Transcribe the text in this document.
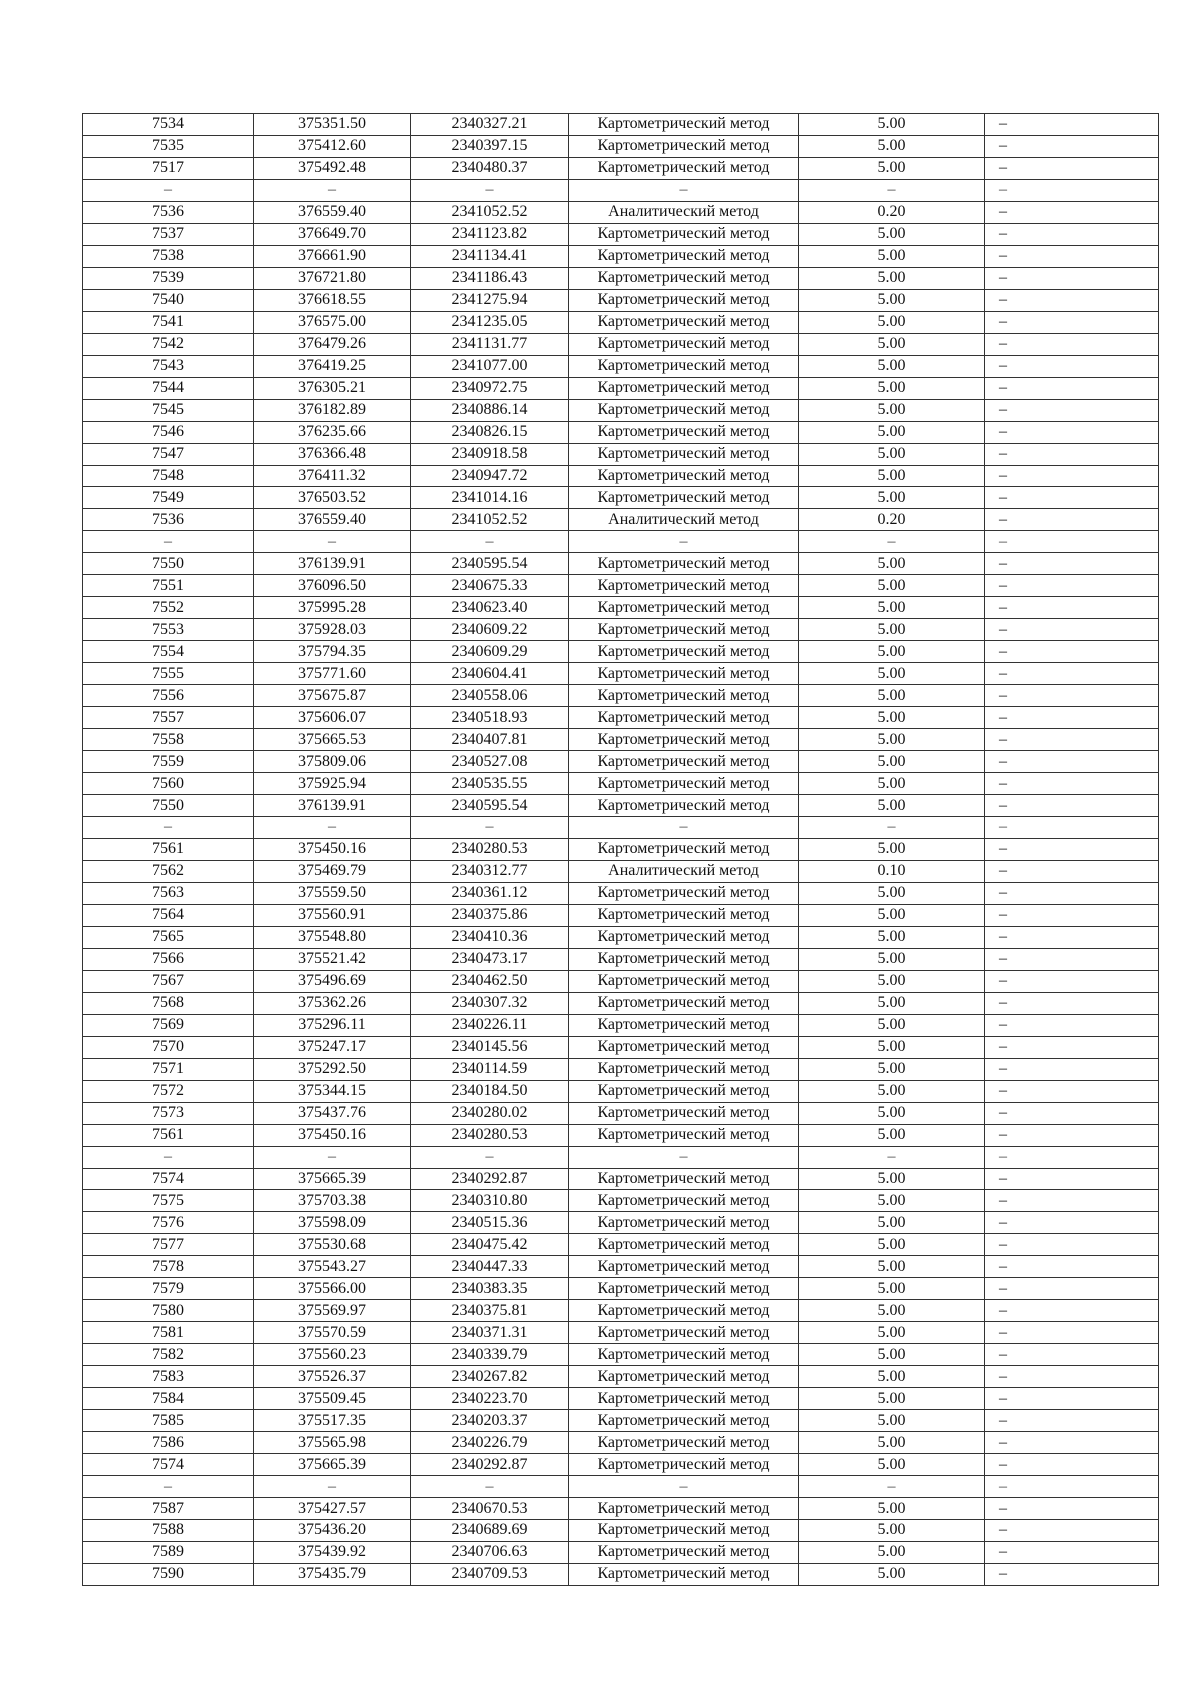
7534	375351.50	2340327.21	Картометрический метод	5.00	–
7535	375412.60	2340397.15	Картометрический метод	5.00	–
7517	375492.48	2340480.37	Картометрический метод	5.00	–
–	–	–	–	–	–
7536	376559.40	2341052.52	Аналитический метод	0.20	–
7537	376649.70	2341123.82	Картометрический метод	5.00	–
7538	376661.90	2341134.41	Картометрический метод	5.00	–
7539	376721.80	2341186.43	Картометрический метод	5.00	–
7540	376618.55	2341275.94	Картометрический метод	5.00	–
7541	376575.00	2341235.05	Картометрический метод	5.00	–
7542	376479.26	2341131.77	Картометрический метод	5.00	–
7543	376419.25	2341077.00	Картометрический метод	5.00	–
7544	376305.21	2340972.75	Картометрический метод	5.00	–
7545	376182.89	2340886.14	Картометрический метод	5.00	–
7546	376235.66	2340826.15	Картометрический метод	5.00	–
7547	376366.48	2340918.58	Картометрический метод	5.00	–
7548	376411.32	2340947.72	Картометрический метод	5.00	–
7549	376503.52	2341014.16	Картометрический метод	5.00	–
7536	376559.40	2341052.52	Аналитический метод	0.20	–
–	–	–	–	–	–
7550	376139.91	2340595.54	Картометрический метод	5.00	–
7551	376096.50	2340675.33	Картометрический метод	5.00	–
7552	375995.28	2340623.40	Картометрический метод	5.00	–
7553	375928.03	2340609.22	Картометрический метод	5.00	–
7554	375794.35	2340609.29	Картометрический метод	5.00	–
7555	375771.60	2340604.41	Картометрический метод	5.00	–
7556	375675.87	2340558.06	Картометрический метод	5.00	–
7557	375606.07	2340518.93	Картометрический метод	5.00	–
7558	375665.53	2340407.81	Картометрический метод	5.00	–
7559	375809.06	2340527.08	Картометрический метод	5.00	–
7560	375925.94	2340535.55	Картометрический метод	5.00	–
7550	376139.91	2340595.54	Картометрический метод	5.00	–
–	–	–	–	–	–
7561	375450.16	2340280.53	Картометрический метод	5.00	–
7562	375469.79	2340312.77	Аналитический метод	0.10	–
7563	375559.50	2340361.12	Картометрический метод	5.00	–
7564	375560.91	2340375.86	Картометрический метод	5.00	–
7565	375548.80	2340410.36	Картометрический метод	5.00	–
7566	375521.42	2340473.17	Картометрический метод	5.00	–
7567	375496.69	2340462.50	Картометрический метод	5.00	–
7568	375362.26	2340307.32	Картометрический метод	5.00	–
7569	375296.11	2340226.11	Картометрический метод	5.00	–
7570	375247.17	2340145.56	Картометрический метод	5.00	–
7571	375292.50	2340114.59	Картометрический метод	5.00	–
7572	375344.15	2340184.50	Картометрический метод	5.00	–
7573	375437.76	2340280.02	Картометрический метод	5.00	–
7561	375450.16	2340280.53	Картометрический метод	5.00	–
–	–	–	–	–	–
7574	375665.39	2340292.87	Картометрический метод	5.00	–
7575	375703.38	2340310.80	Картометрический метод	5.00	–
7576	375598.09	2340515.36	Картометрический метод	5.00	–
7577	375530.68	2340475.42	Картометрический метод	5.00	–
7578	375543.27	2340447.33	Картометрический метод	5.00	–
7579	375566.00	2340383.35	Картометрический метод	5.00	–
7580	375569.97	2340375.81	Картометрический метод	5.00	–
7581	375570.59	2340371.31	Картометрический метод	5.00	–
7582	375560.23	2340339.79	Картометрический метод	5.00	–
7583	375526.37	2340267.82	Картометрический метод	5.00	–
7584	375509.45	2340223.70	Картометрический метод	5.00	–
7585	375517.35	2340203.37	Картометрический метод	5.00	–
7586	375565.98	2340226.79	Картометрический метод	5.00	–
7574	375665.39	2340292.87	Картометрический метод	5.00	–
–	–	–	–	–	–
7587	375427.57	2340670.53	Картометрический метод	5.00	–
7588	375436.20	2340689.69	Картометрический метод	5.00	–
7589	375439.92	2340706.63	Картометрический метод	5.00	–
7590	375435.79	2340709.53	Картометрический метод	5.00	–
